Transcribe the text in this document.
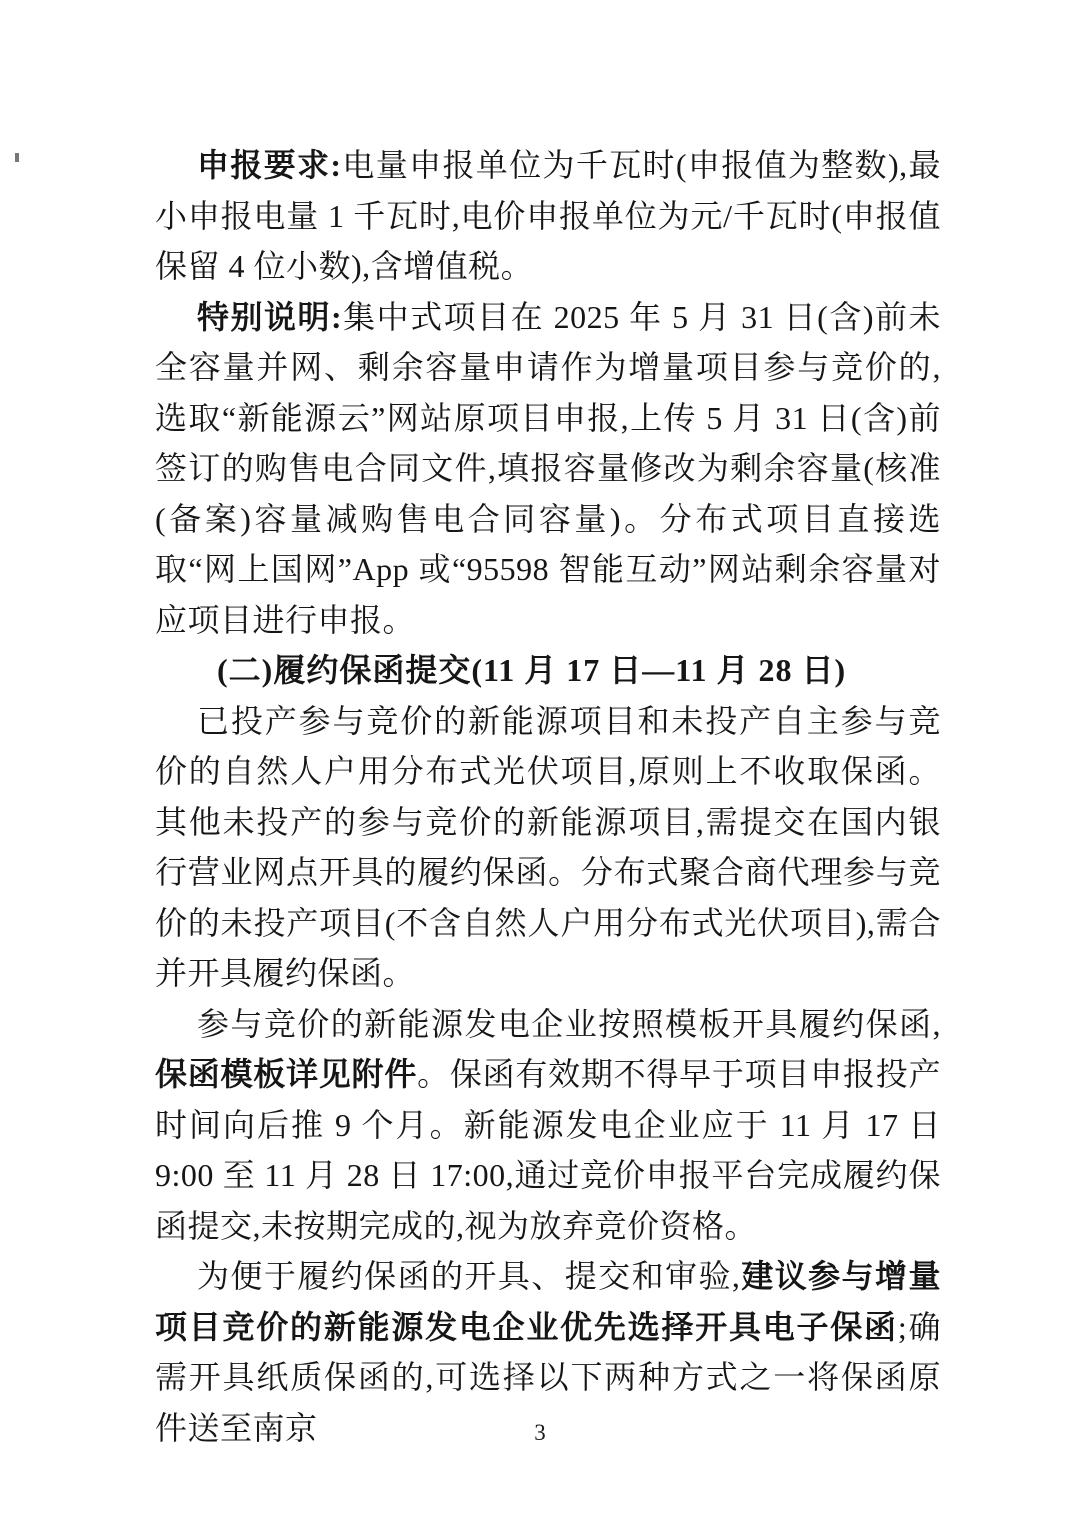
申报要求:电量申报单位为千瓦时(申报值为整数),最小申报电量 1 千瓦时,电价申报单位为元/千瓦时(申报值保留 4 位小数),含增值税。

特别说明:集中式项目在 2025 年 5 月 31 日(含)前未全容量并网、剩余容量申请作为增量项目参与竞价的,选取“新能源云”网站原项目申报,上传 5 月 31 日(含)前签订的购售电合同文件,填报容量修改为剩余容量(核准(备案)容量减购售电合同容量)。分布式项目直接选取“网上国网”App 或“95598 智能互动”网站剩余容量对应项目进行申报。

(二)履约保函提交(11 月 17 日—11 月 28 日)

已投产参与竞价的新能源项目和未投产自主参与竞价的自然人户用分布式光伏项目,原则上不收取保函。其他未投产的参与竞价的新能源项目,需提交在国内银行营业网点开具的履约保函。分布式聚合商代理参与竞价的未投产项目(不含自然人户用分布式光伏项目),需合并开具履约保函。

参与竞价的新能源发电企业按照模板开具履约保函,保函模板详见附件。保函有效期不得早于项目申报投产时间向后推 9 个月。新能源发电企业应于 11 月 17 日 9:00 至 11 月 28 日 17:00,通过竞价申报平台完成履约保函提交,未按期完成的,视为放弃竞价资格。

为便于履约保函的开具、提交和审验,建议参与增量项目竞价的新能源发电企业优先选择开具电子保函;确需开具纸质保函的,可选择以下两种方式之一将保函原件送至南京	3
